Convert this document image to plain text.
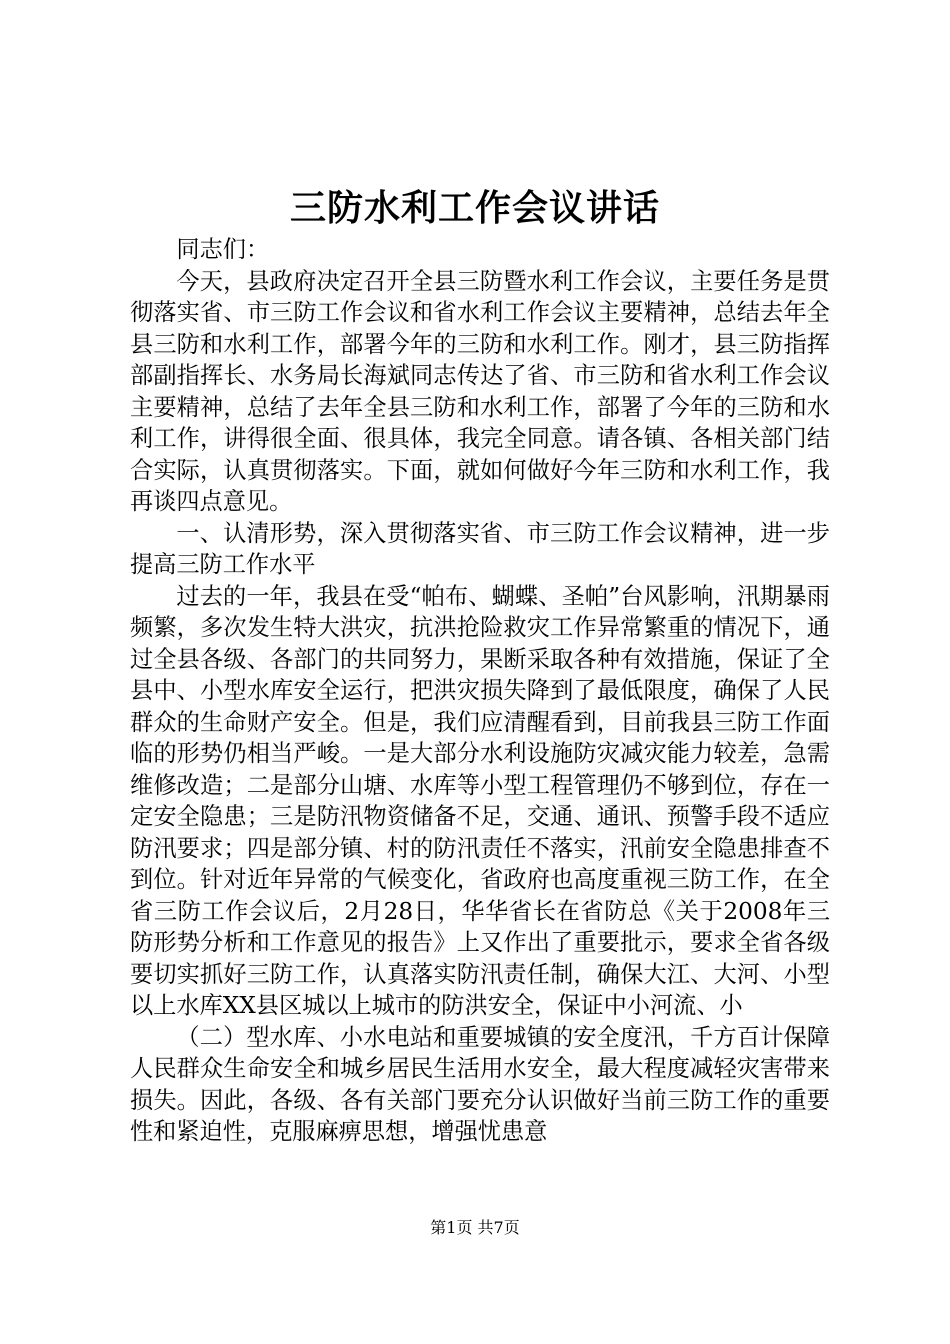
三防水利工作会议讲话

同志们：

今天，县政府决定召开全县三防暨水利工作会议，主要任务是贯彻落实省、市三防工作会议和省水利工作会议主要精神，总结去年全县三防和水利工作，部署今年的三防和水利工作。刚才，县三防指挥部副指挥长、水务局长海斌同志传达了省、市三防和省水利工作会议主要精神，总结了去年全县三防和水利工作，部署了今年的三防和水利工作，讲得很全面、很具体，我完全同意。请各镇、各相关部门结合实际，认真贯彻落实。下面，就如何做好今年三防和水利工作，我再谈四点意见。

一、认清形势，深入贯彻落实省、市三防工作会议精神，进一步提高三防工作水平

过去的一年，我县在受“帕布、蝴蝶、圣帕”台风影响，汛期暴雨频繁，多次发生特大洪灾，抗洪抢险救灾工作异常繁重的情况下，通过全县各级、各部门的共同努力，果断采取各种有效措施，保证了全县中、小型水库安全运行，把洪灾损失降到了最低限度，确保了人民群众的生命财产安全。但是，我们应清醒看到，目前我县三防工作面临的形势仍相当严峻。一是大部分水利设施防灾减灾能力较差，急需维修改造；二是部分山塘、水库等小型工程管理仍不够到位，存在一定安全隐患；三是防汛物资储备不足，交通、通讯、预警手段不适应防汛要求；四是部分镇、村的防汛责任不落实，汛前安全隐患排查不到位。针对近年异常的气候变化，省政府也高度重视三防工作，在全省三防工作会议后，2月28日，华华省长在省防总《关于2008年三防形势分析和工作意见的报告》上又作出了重要批示，要求全省各级要切实抓好三防工作，认真落实防汛责任制，确保大江、大河、小型以上水库XX县区城以上城市的防洪安全，保证中小河流、小

（二）型水库、小水电站和重要城镇的安全度汛，千方百计保障人民群众生命安全和城乡居民生活用水安全，最大程度减轻灾害带来损失。因此，各级、各有关部门要充分认识做好当前三防工作的重要性和紧迫性，克服麻痹思想，增强忧患意

第1页 共7页
